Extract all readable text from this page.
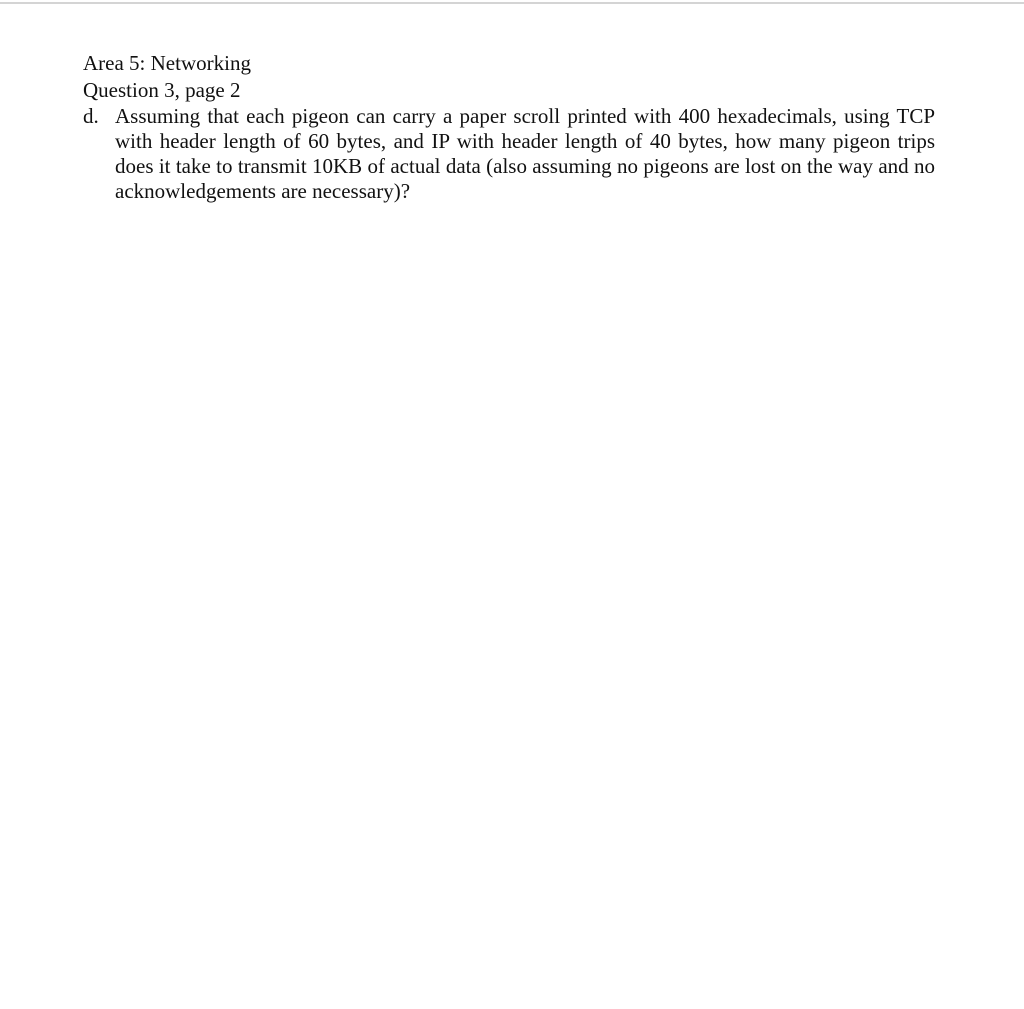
Area 5: Networking

Question 3, page 2

d. Assuming that each pigeon can carry a paper scroll printed with 400 hexadecimals, using TCP with header length of 60 bytes, and IP with header length of 40 bytes, how many pigeon trips does it take to transmit 10KB of actual data (also assuming no pigeons are lost on the way and no acknowledgements are necessary)?
